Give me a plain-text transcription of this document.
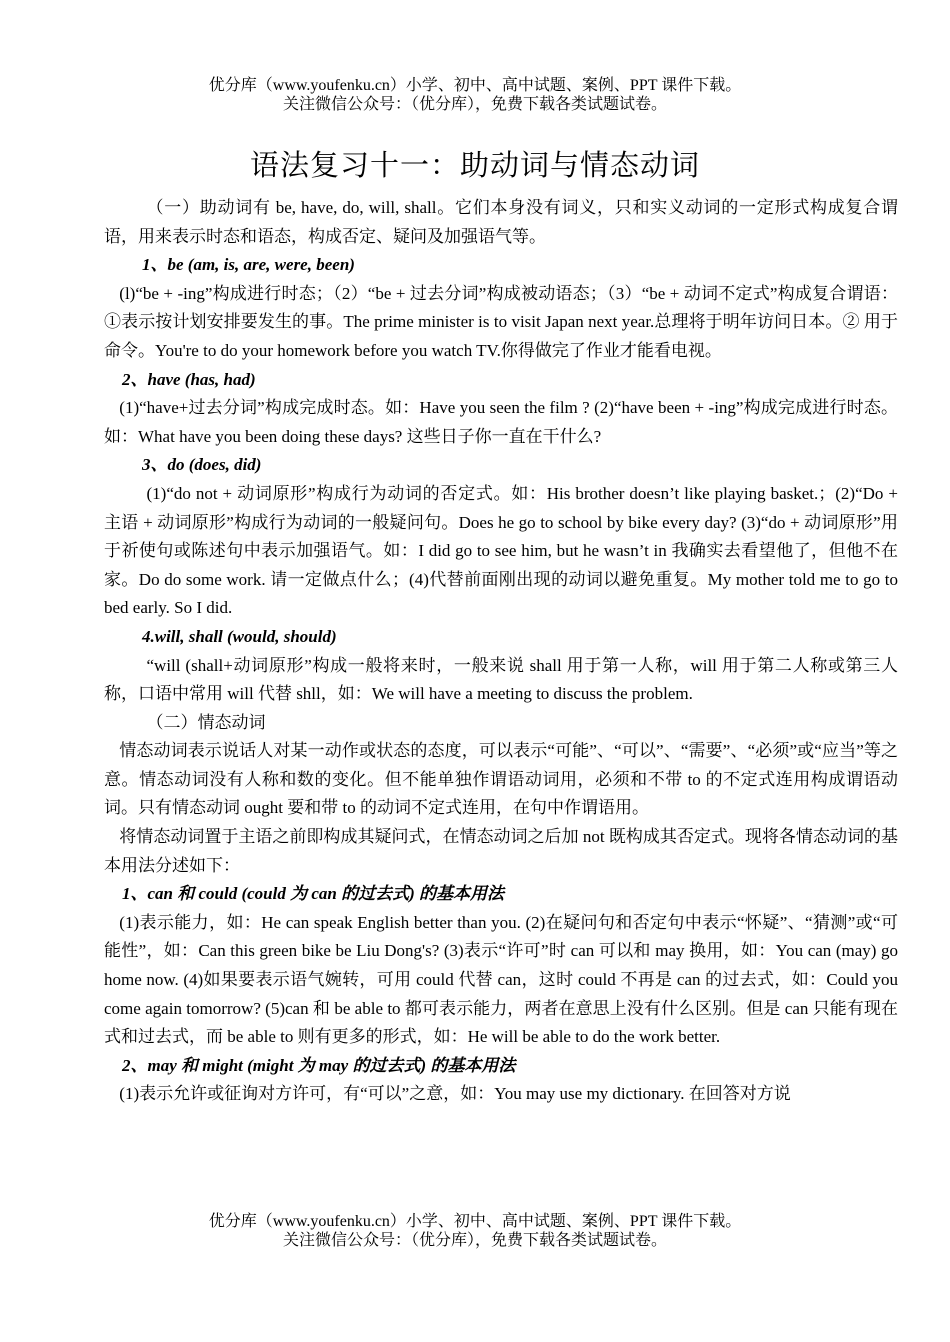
优分库（www.youfenku.cn）小学、初中、高中试题、案例、PPT 课件下载。
关注微信公众号：（优分库），免费下载各类试题试卷。
语法复习十一：助动词与情态动词

（一）助动词有 be, have, do, will, shall。它们本身没有词义，只和实义动词的一定形式构成复合谓语，用来表示时态和语态，构成否定、疑问及加强语气等。

1、be (am, is, are, were, been)

(l)“be + -ing”构成进行时态；（2）“be + 过去分词”构成被动语态；（3）“be + 动词不定式”构成复合谓语：①表示按计划安排要发生的事。The prime minister is to visit Japan next year.总理将于明年访问日本。② 用于命令。You're to do your homework before you watch TV.你得做完了作业才能看电视。

2、have (has, had)

(1)“have+过去分词”构成完成时态。如：Have you seen the film ? (2)“have been + -ing”构成完成进行时态。如：What have you been doing these days? 这些日子你一直在干什么?

3、do (does, did)

(1)“do not + 动词原形”构成行为动词的否定式。如：His brother doesn’t like playing basket.；(2)“Do + 主语 + 动词原形”构成行为动词的一般疑问句。Does he go to school by bike every day? (3)“do + 动词原形”用于祈使句或陈述句中表示加强语气。如：I did go to see him, but he wasn’t in 我确实去看望他了，但他不在家。Do do some work. 请一定做点什么；(4)代替前面刚出现的动词以避免重复。My mother told me to go to bed early. So I did.

4.will, shall (would, should)

“will (shall+动词原形”构成一般将来时，一般来说 shall 用于第一人称，will 用于第二人称或第三人称，口语中常用 will 代替 shll，如：We will have a meeting to discuss the problem.

（二）情态动词

情态动词表示说话人对某一动作或状态的态度，可以表示“可能”、“可以”、“需要”、“必须”或“应当”等之意。情态动词没有人称和数的变化。但不能单独作谓语动词用，必须和不带 to 的不定式连用构成谓语动词。只有情态动词 ought 要和带 to 的动词不定式连用，在句中作谓语用。

将情态动词置于主语之前即构成其疑问式，在情态动词之后加 not 既构成其否定式。现将各情态动词的基本用法分述如下：

1、can 和 could (could 为 can 的过去式) 的基本用法

(1)表示能力，如：He can speak English better than you. (2)在疑问句和否定句中表示“怀疑”、“猜测”或“可能性”，如：Can this green bike be Liu Dong's? (3)表示“许可”时 can 可以和 may 换用，如：You can (may) go home now. (4)如果要表示语气婉转，可用 could 代替 can，这时 could 不再是 can 的过去式，如：Could you come again tomorrow? (5)can 和 be able to 都可表示能力，两者在意思上没有什么区别。但是 can 只能有现在式和过去式，而 be able to 则有更多的形式，如：He will be able to do the work better.

2、may 和 might (might 为 may 的过去式) 的基本用法

(1)表示允许或征询对方许可，有“可以”之意，如：You may use my dictionary. 在回答对方说

优分库（www.youfenku.cn）小学、初中、高中试题、案例、PPT 课件下载。
关注微信公众号：（优分库），免费下载各类试题试卷。
